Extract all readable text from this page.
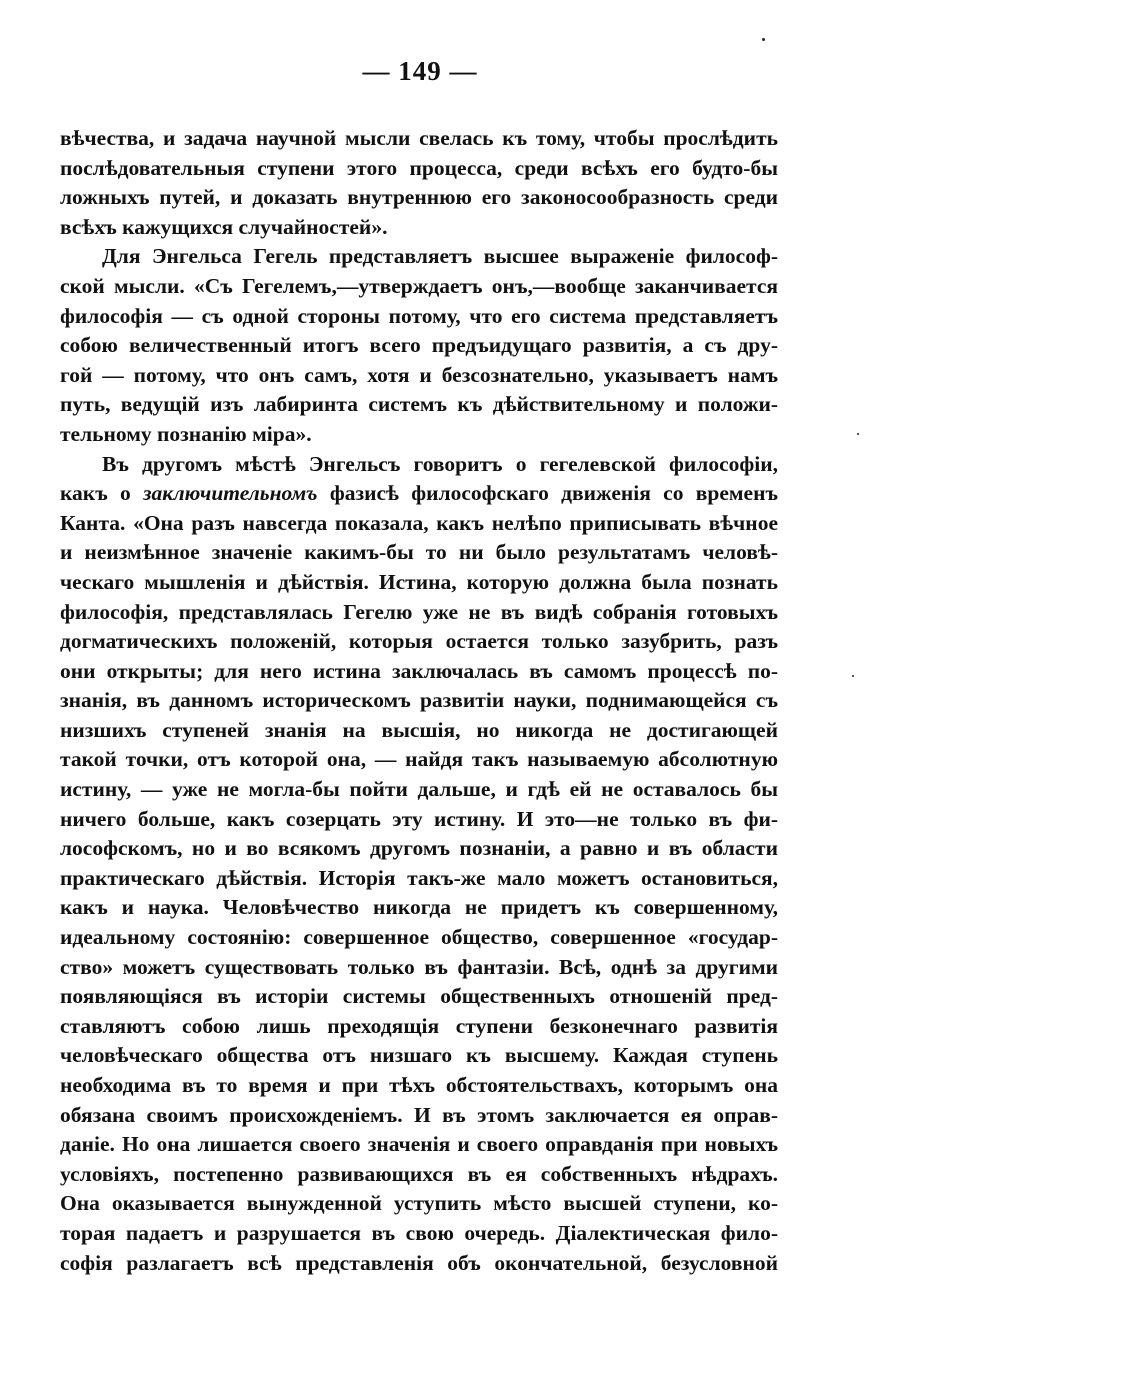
— 149 —
вѣчества, и задача научной мысли свелась къ тому, чтобы прослѣдить
послѣдовательныя ступени этого процесса, среди всѣхъ его будто-бы
ложныхъ путей, и доказать внутреннюю его законосообразность среди
всѣхъ кажущихся случайностей».
Для Энгельса Гегель представляетъ высшее выраженіе философ-
ской мысли. «Съ Гегелемъ,—утверждаетъ онъ,—вообще заканчивается
философія — съ одной стороны потому, что его система представляетъ
собою величественный итогъ всего предъидущаго развитія, а съ дру-
гой — потому, что онъ самъ, хотя и безсознательно, указываетъ намъ
путь, ведущій изъ лабиринта системъ къ дѣйствительному и положи-
тельному познанію міра».
Въ другомъ мѣстѣ Энгельсъ говоритъ о гегелевской философіи,
какъ о заключительномъ фазисѣ философскаго движенія со временъ
Канта. «Она разъ навсегда показала, какъ нелѣпо приписывать вѣчное
и неизмѣнное значеніе какимъ-бы то ни было результатамъ человѣ-
ческаго мышленія и дѣйствія. Истина, которую должна была познать
философія, представлялась Гегелю уже не въ видѣ собранія готовыхъ
догматическихъ положеній, которыя остается только зазубрить, разъ
они открыты; для него истина заключалась въ самомъ процессѣ по-
знанія, въ данномъ историческомъ развитіи науки, поднимающейся съ
низшихъ ступеней знанія на высшія, но никогда не достигающей
такой точки, отъ которой она, — найдя такъ называемую абсолютную
истину, — уже не могла-бы пойти дальше, и гдѣ ей не оставалось бы
ничего больше, какъ созерцать эту истину. И это—не только въ фи-
лософскомъ, но и во всякомъ другомъ познаніи, а равно и въ области
практическаго дѣйствія. Исторія такъ-же мало можетъ остановиться,
какъ и наука. Человѣчество никогда не придетъ къ совершенному,
идеальному состоянію: совершенное общество, совершенное «государ-
ство» можетъ существовать только въ фантазіи. Всѣ, однѣ за другими
появляющіяся въ исторіи системы общественныхъ отношеній пред-
ставляютъ собою лишь преходящія ступени безконечнаго развитія
человѣческаго общества отъ низшаго къ высшему. Каждая ступень
необходима въ то время и при тѣхъ обстоятельствахъ, которымъ она
обязана своимъ происхожденіемъ. И въ этомъ заключается ея оправ-
даніе. Но она лишается своего значенія и своего оправданія при новыхъ
условіяхъ, постепенно развивающихся въ ея собственныхъ нѣдрахъ.
Она оказывается вынужденной уступить мѣсто высшей ступени, ко-
торая падаетъ и разрушается въ свою очередь. Діалектическая фило-
софія разлагаетъ всѣ представленія объ окончательной, безусловной
